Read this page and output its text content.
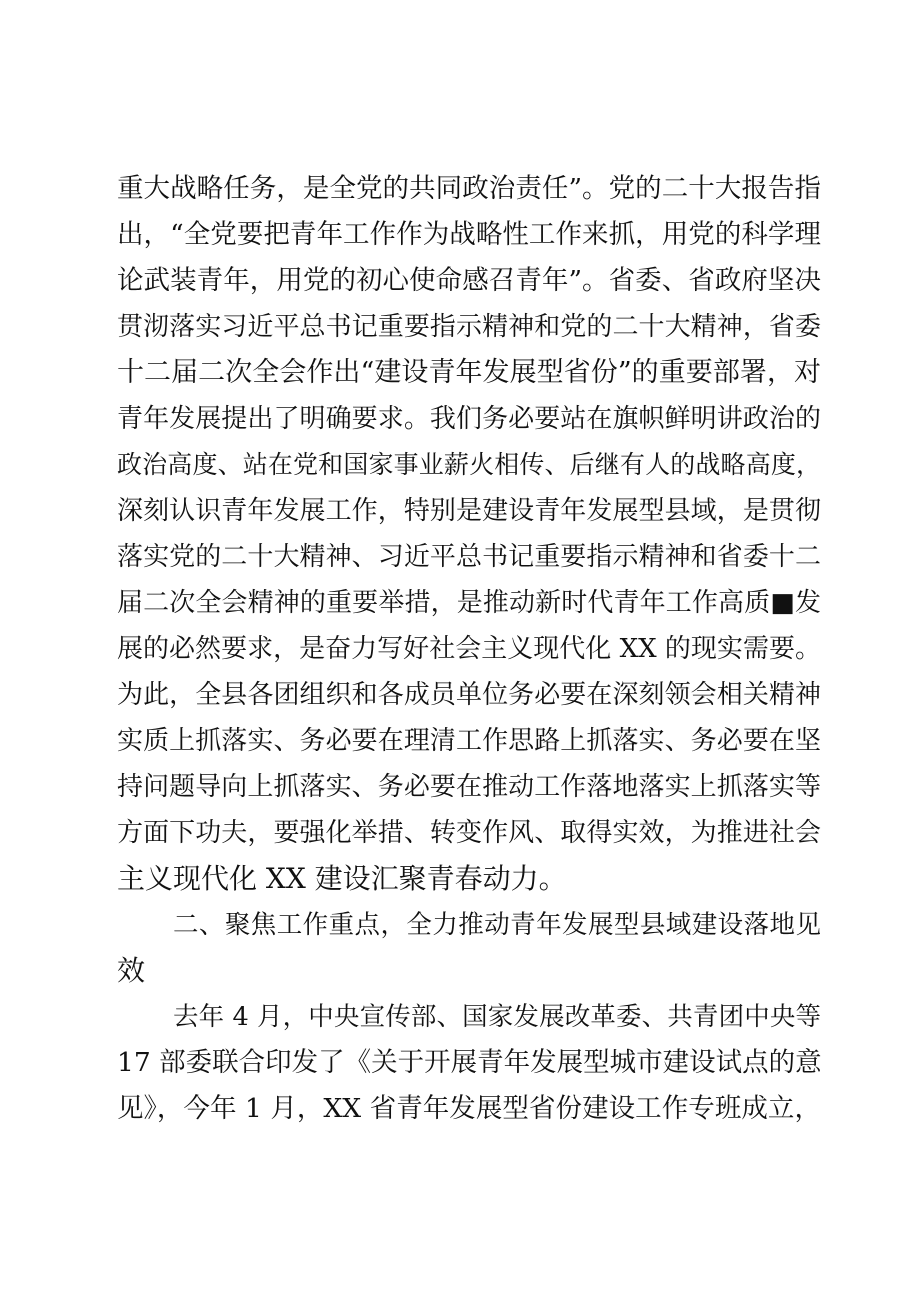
重大战略任务，是全党的共同政治责任”。党的二十大报告指
出，“全党要把青年工作作为战略性工作来抓，用党的科学理
论武装青年，用党的初心使命感召青年”。省委、省政府坚决
贯沏落实习近平总书记重要指示精神和党的二十大精神，省委
十二届二次全会作出“建设青年发展型省份”的重要部署，对
青年发展提出了明确要求。我们务必要站在旗帜鲜明讲政治的
政治高度、站在党和国家事业薪火相传、后继有人的战略高度，
深刻认识青年发展工作，特别是建设青年发展型县域，是贯彻
落实党的二十大精神、习近平总书记重要指示精神和省委十二
届二次全会精神的重要举措，是推动新时代青年工作高质■发
展的必然要求，是奋力写好社会主义现代化 XX 的现实需要。
为此，全县各团组织和各成员单位务必要在深刻领会相关精神
实质上抓落实、务必要在理清工作思路上抓落实、务必要在坚
持问题导向上抓落实、务必要在推动工作落地落实上抓落实等
方面下功夫，要强化举措、转变作风、取得实效，为推进社会
主义现代化 XX 建设汇聚青春动力。
二、聚焦工作重点，全力推动青年发展型县域建设落地见
效
去年 4 月，中央宣传部、国家发展改革委、共青团中央等
17 部委联合印发了《关于开展青年发展型城市建设试点的意
见》，今年 1 月，XX 省青年发展型省份建设工作专班成立，
